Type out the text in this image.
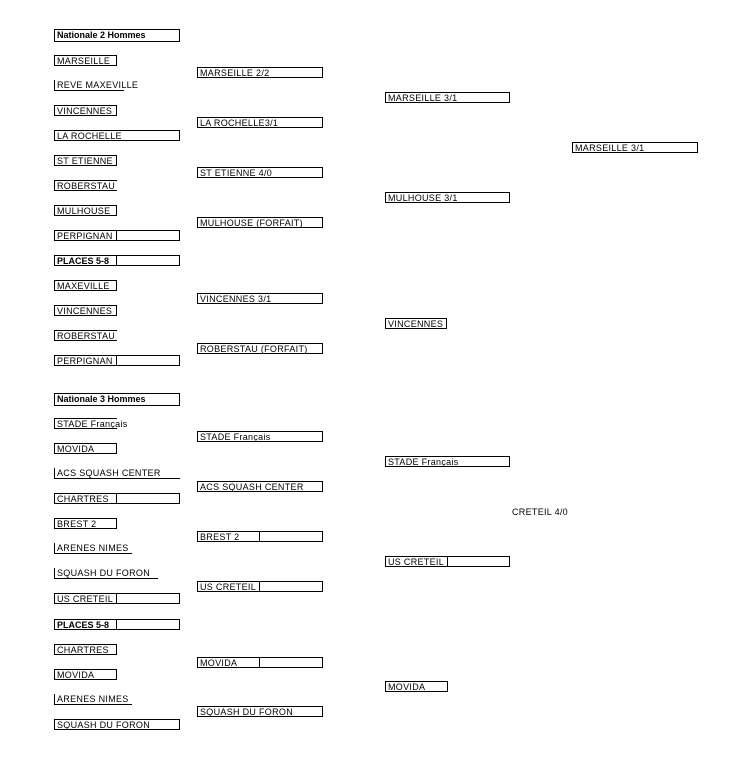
Nationale 2 Hommes
MARSEILLE
REVE MAXEVILLE
VINCENNES
LA ROCHELLE
ST ETIENNE
ROBERSTAU
MULHOUSE
PERPIGNAN
PLACES 5-8
MAXEVILLE
VINCENNES
ROBERSTAU
PERPIGNAN
MARSEILLE 2/2
LA ROCHELLE3/1
ST ETIENNE 4/0
MULHOUSE (FORFAIT)
VINCENNES 3/1
ROBERSTAU (FORFAIT)
MARSEILLE 3/1
MULHOUSE 3/1
VINCENNES
MARSEILLE 3/1
Nationale 3 Hommes
STADE Français
MOVIDA
ACS SQUASH CENTER
CHARTRES
BREST 2
ARENES NIMES
SQUASH DU FORON
US CRETEIL
PLACES 5-8
CHARTRES
MOVIDA
ARENES NIMES
SQUASH DU FORON
STADE Français
ACS SQUASH CENTER
BREST 2
US CRETEIL
MOVIDA
SQUASH DU FORON
STADE Français
US CRETEIL
MOVIDA
CRETEIL 4/0
